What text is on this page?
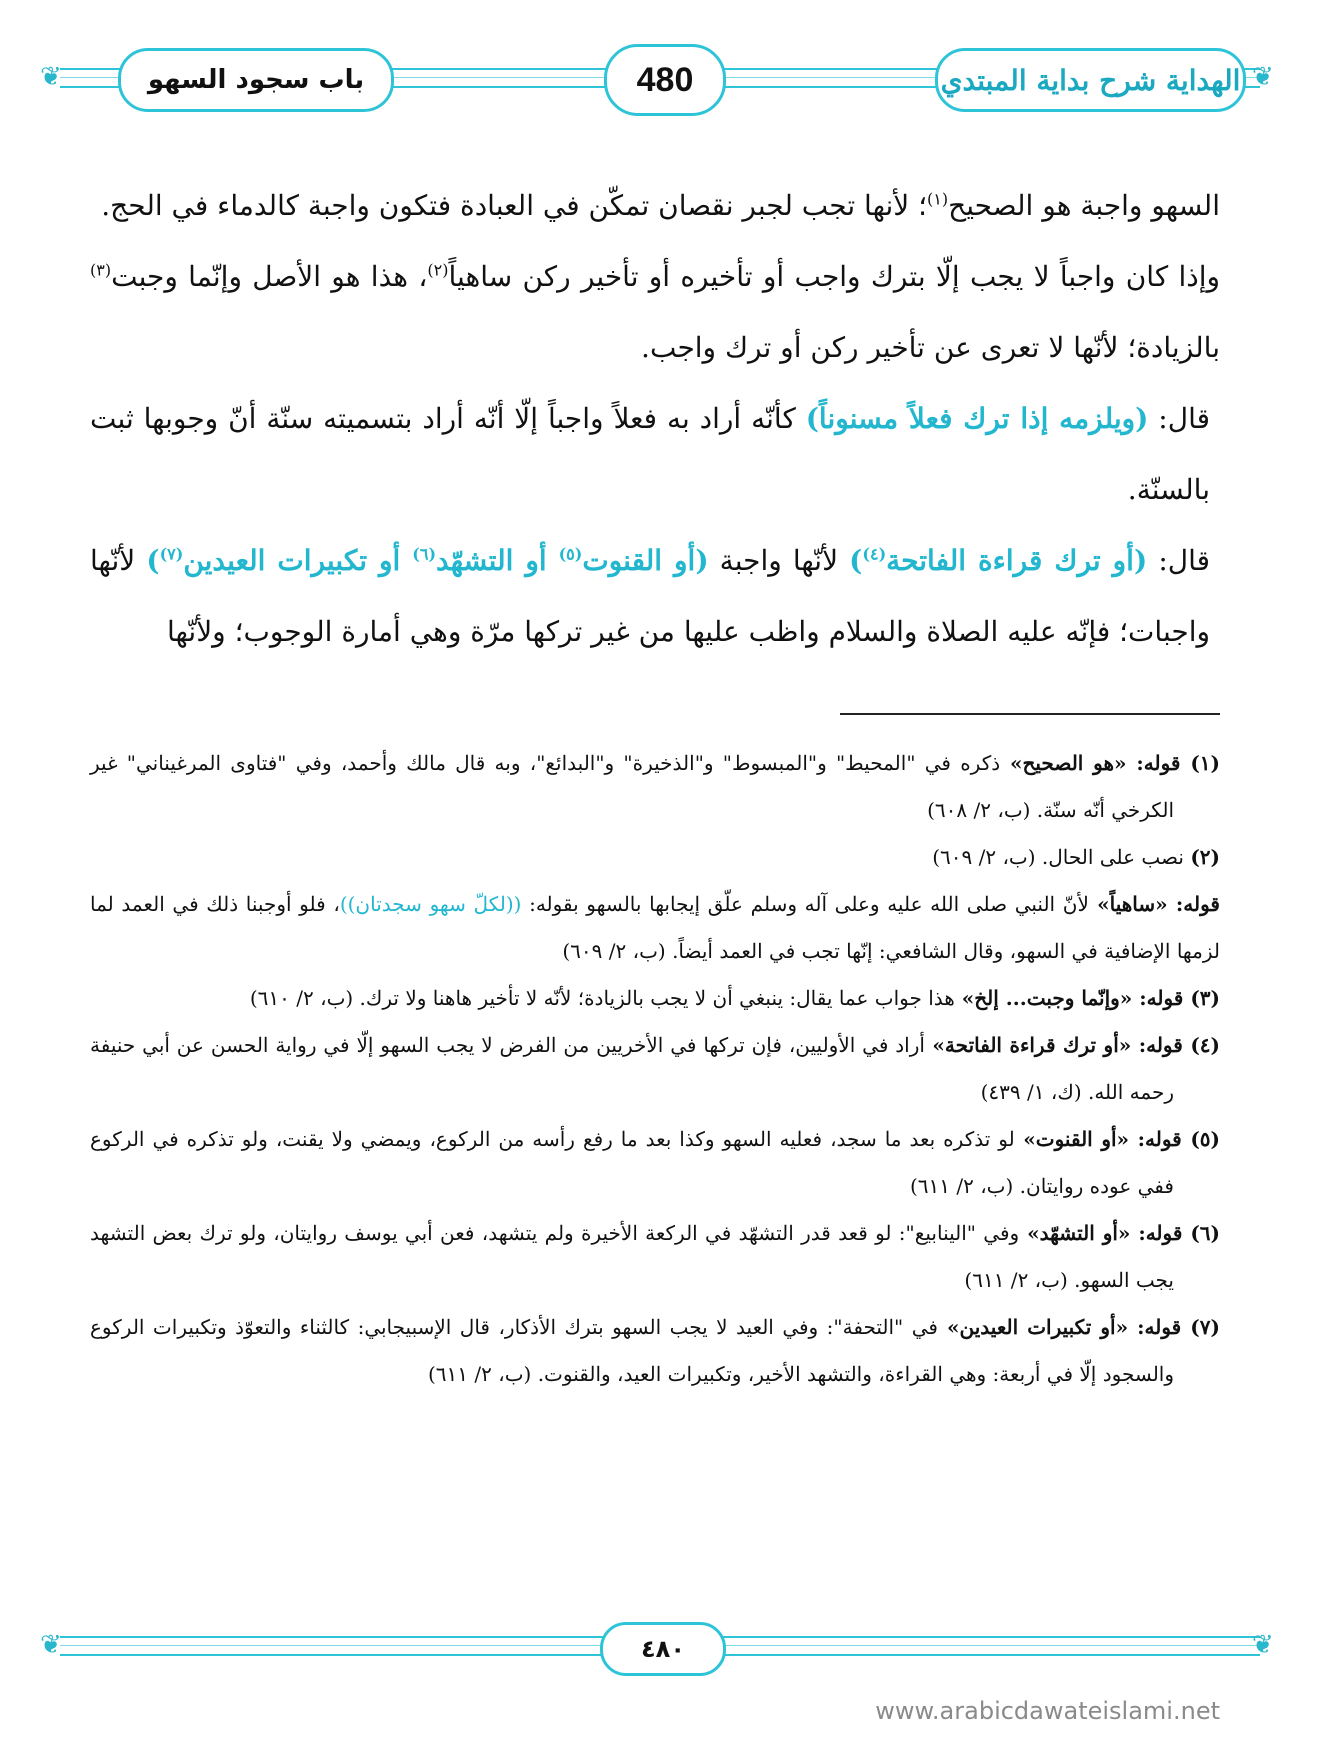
❦	❦
الهداية شرح بداية المبتدي
480
باب سجود السهو

السهو واجبة هو الصحيح$^{(١)}$؛ لأنها تجب لجبر نقصان تمكّن في العبادة فتكون واجبة كالدماء في الحج.

وإذا كان واجباً لا يجب إلّا بترك واجب أو تأخيره أو تأخير ركن ساهياً$^{(٢)}$، هذا هو الأصل وإنّما وجبت$^{(٣)}$ بالزيادة؛ لأنّها لا تعرى عن تأخير ركن أو ترك واجب.

قال: (ويلزمه إذا ترك فعلاً مسنوناً) كأنّه أراد به فعلاً واجباً إلّا أنّه أراد بتسميته سنّة أنّ وجوبها ثبت بالسنّة.

قال: (أو ترك قراءة الفاتحة$^{(٤)}$) لأنّها واجبة (أو القنوت$^{(٥)}$ أو التشهّد$^{(٦)}$ أو تكبيرات العيدين$^{(٧)}$) لأنّها واجبات؛ فإنّه عليه الصلاة والسلام واظب عليها من غير تركها مرّة وهي أمارة الوجوب؛ ولأنّها

(١) قوله: «هو الصحيح» ذكره في "المحيط" و"المبسوط" و"الذخيرة" و"البدائع"، وبه قال مالك وأحمد، وفي "فتاوى المرغيناني" غير الكرخي أنّه سنّة. (ب، ٢/ ٦٠٨)

(٢) نصب على الحال. (ب، ٢/ ٦٠٩)

قوله: «ساهياً» لأنّ النبي صلى الله عليه وعلى آله وسلم علّق إيجابها بالسهو بقوله: ((لكلّ سهو سجدتان))، فلو أوجبنا ذلك في العمد لما لزمها الإضافية في السهو، وقال الشافعي: إنّها تجب في العمد أيضاً. (ب، ٢/ ٦٠٩)

(٣) قوله: «وإنّما وجبت... إلخ» هذا جواب عما يقال: ينبغي أن لا يجب بالزيادة؛ لأنّه لا تأخير هاهنا ولا ترك. (ب، ٢/ ٦١٠)

(٤) قوله: «أو ترك قراءة الفاتحة» أراد في الأوليين، فإن تركها في الأخريين من الفرض لا يجب السهو إلّا في رواية الحسن عن أبي حنيفة رحمه الله. (ك، ١/ ٤٣٩)

(٥) قوله: «أو القنوت» لو تذكره بعد ما سجد، فعليه السهو وكذا بعد ما رفع رأسه من الركوع، ويمضي ولا يقنت، ولو تذكره في الركوع ففي عوده روايتان. (ب، ٢/ ٦١١)

(٦) قوله: «أو التشهّد» وفي "الينابيع": لو قعد قدر التشهّد في الركعة الأخيرة ولم يتشهد، فعن أبي يوسف روايتان، ولو ترك بعض التشهد يجب السهو. (ب، ٢/ ٦١١)

(٧) قوله: «أو تكبيرات العيدين» في "التحفة": وفي العيد لا يجب السهو بترك الأذكار، قال الإسبيجابي: كالثناء والتعوّذ وتكبيرات الركوع والسجود إلّا في أربعة: وهي القراءة، والتشهد الأخير، وتكبيرات العيد، والقنوت. (ب، ٢/ ٦١١)

❦	❦
٤٨٠
www.arabicdawateislami.net
